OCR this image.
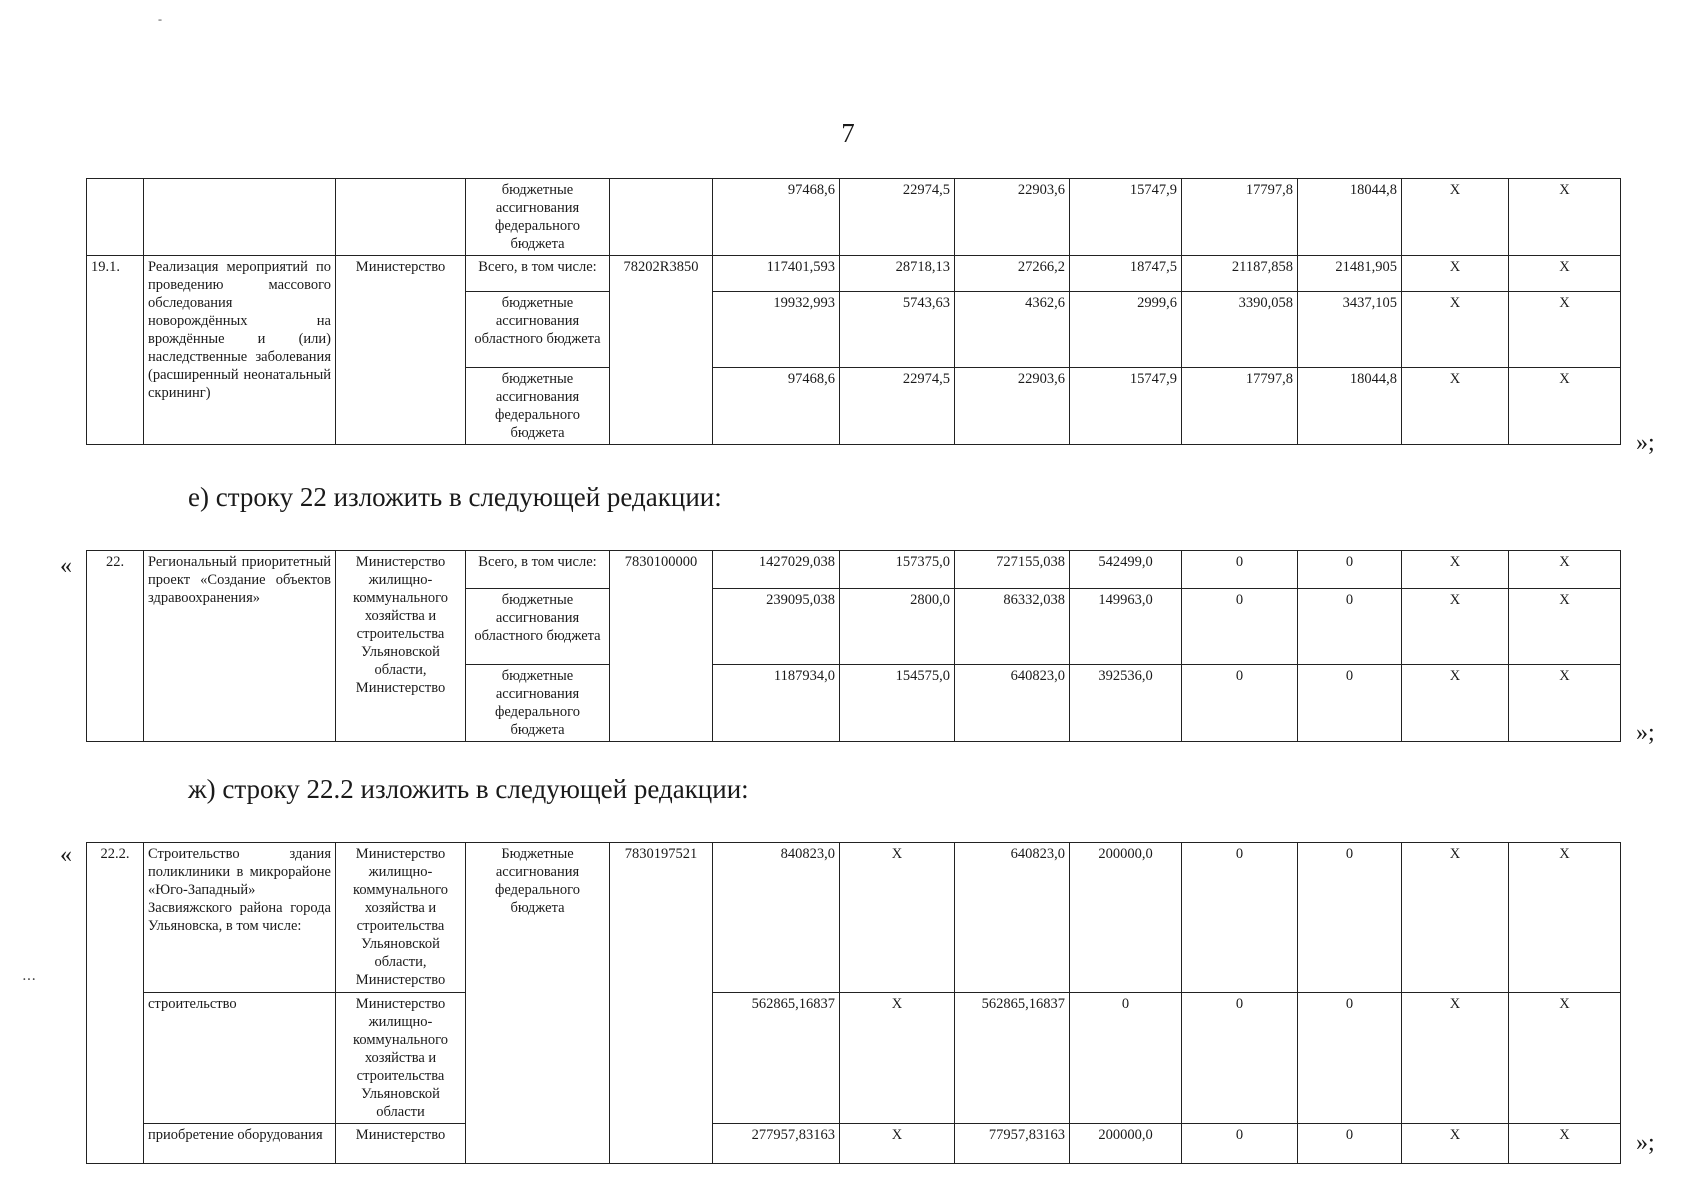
7
			бюджетные ассигнования федерального бюджета		97468,6	22974,5	22903,6	15747,9	17797,8	18044,8	X	X
19.1.	Реализация мероприятий по проведению массового обследования новорождённых на врождённые и (или) наследственные заболевания (расширенный неонатальный скрининг)	Министерство	Всего, в том числе:	78202R3850	117401,593	28718,13	27266,2	18747,5	21187,858	21481,905	X	X
			бюджетные ассигнования областного бюджета		19932,993	5743,63	4362,6	2999,6	3390,058	3437,105	X	X
			бюджетные ассигнования федерального бюджета		97468,6	22974,5	22903,6	15747,9	17797,8	18044,8	X	X
»;
е) строку 22 изложить в следующей редакции:
« 22.	Региональный приоритетный проект «Создание объектов здравоохранения»	Министерство жилищно-коммунального хозяйства и строительства Ульяновской области, Министерство	Всего, в том числе:	7830100000	1427029,038	157375,0	727155,038	542499,0	0	0	X	X
			бюджетные ассигнования областного бюджета		239095,038	2800,0	86332,038	149963,0	0	0	X	X
			бюджетные ассигнования федерального бюджета		1187934,0	154575,0	640823,0	392536,0	0	0	X	X
»;
ж) строку 22.2 изложить в следующей редакции:
« 22.2.	Строительство здания поликлиники в микрорайоне «Юго-Западный» Засвияжского района города Ульяновска, в том числе:	Министерство жилищно-коммунального хозяйства и строительства Ульяновской области, Министерство	Бюджетные ассигнования федерального бюджета	7830197521	840823,0	X	640823,0	200000,0	0	0	X	X
	строительство	Министерство жилищно-коммунального хозяйства и строительства Ульяновской области			562865,16837	X	562865,16837	0	0	0	X	X
	приобретение оборудования	Министерство			277957,83163	X	77957,83163	200000,0	0	0	X	X	»;
-
․․․
